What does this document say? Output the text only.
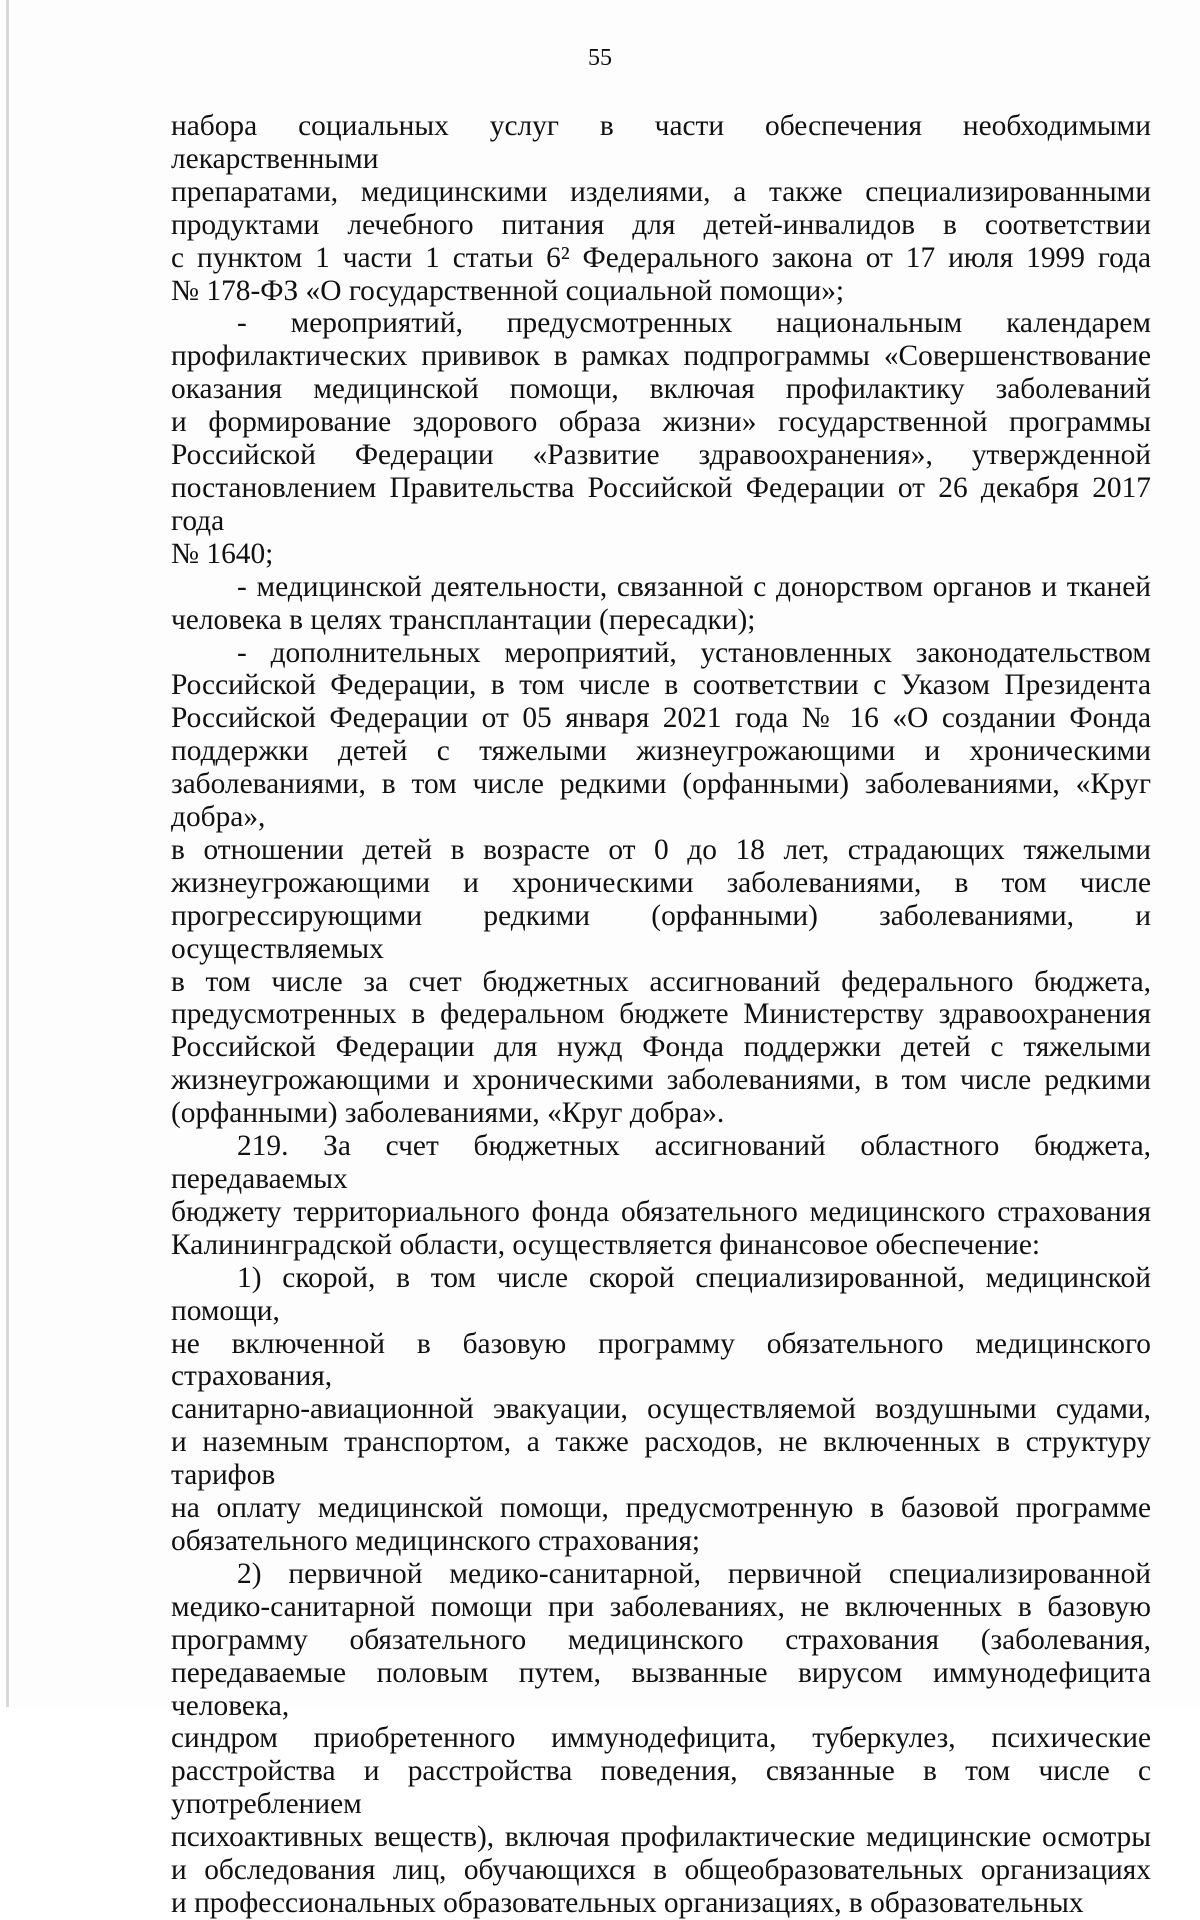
55
набора социальных услуг в части обеспечения необходимыми лекарственными
препаратами, медицинскими изделиями, а также специализированными
продуктами лечебного питания для детей-инвалидов в соответствии
с пунктом 1 части 1 статьи 6² Федерального закона от 17 июля 1999 года
№ 178-ФЗ «О государственной социальной помощи»;
- мероприятий, предусмотренных национальным календарем
профилактических прививок в рамках подпрограммы «Совершенствование
оказания медицинской помощи, включая профилактику заболеваний
и формирование здорового образа жизни» государственной программы
Российской Федерации «Развитие здравоохранения», утвержденной
постановлением Правительства Российской Федерации от 26 декабря 2017 года
№ 1640;
- медицинской деятельности, связанной с донорством органов и тканей
человека в целях трансплантации (пересадки);
- дополнительных мероприятий, установленных законодательством
Российской Федерации, в том числе в соответствии с Указом Президента
Российской Федерации от 05 января 2021 года № 16 «О создании Фонда
поддержки детей с тяжелыми жизнеугрожающими и хроническими
заболеваниями, в том числе редкими (орфанными) заболеваниями, «Круг добра»,
в отношении детей в возрасте от 0 до 18 лет, страдающих тяжелыми
жизнеугрожающими и хроническими заболеваниями, в том числе
прогрессирующими редкими (орфанными) заболеваниями, и осуществляемых
в том числе за счет бюджетных ассигнований федерального бюджета,
предусмотренных в федеральном бюджете Министерству здравоохранения
Российской Федерации для нужд Фонда поддержки детей с тяжелыми
жизнеугрожающими и хроническими заболеваниями, в том числе редкими
(орфанными) заболеваниями, «Круг добра».
219. За счет бюджетных ассигнований областного бюджета, передаваемых
бюджету территориального фонда обязательного медицинского страхования
Калининградской области, осуществляется финансовое обеспечение:
1) скорой, в том числе скорой специализированной, медицинской помощи,
не включенной в базовую программу обязательного медицинского страхования,
санитарно-авиационной эвакуации, осуществляемой воздушными судами,
и наземным транспортом, а также расходов, не включенных в структуру тарифов
на оплату медицинской помощи, предусмотренную в базовой программе
обязательного медицинского страхования;
2) первичной медико-санитарной, первичной специализированной
медико-санитарной помощи при заболеваниях, не включенных в базовую
программу обязательного медицинского страхования (заболевания,
передаваемые половым путем, вызванные вирусом иммунодефицита человека,
синдром приобретенного иммунодефицита, туберкулез, психические
расстройства и расстройства поведения, связанные в том числе с употреблением
психоактивных веществ), включая профилактические медицинские осмотры
и обследования лиц, обучающихся в общеобразовательных организациях
и профессиональных образовательных организациях, в образовательных
